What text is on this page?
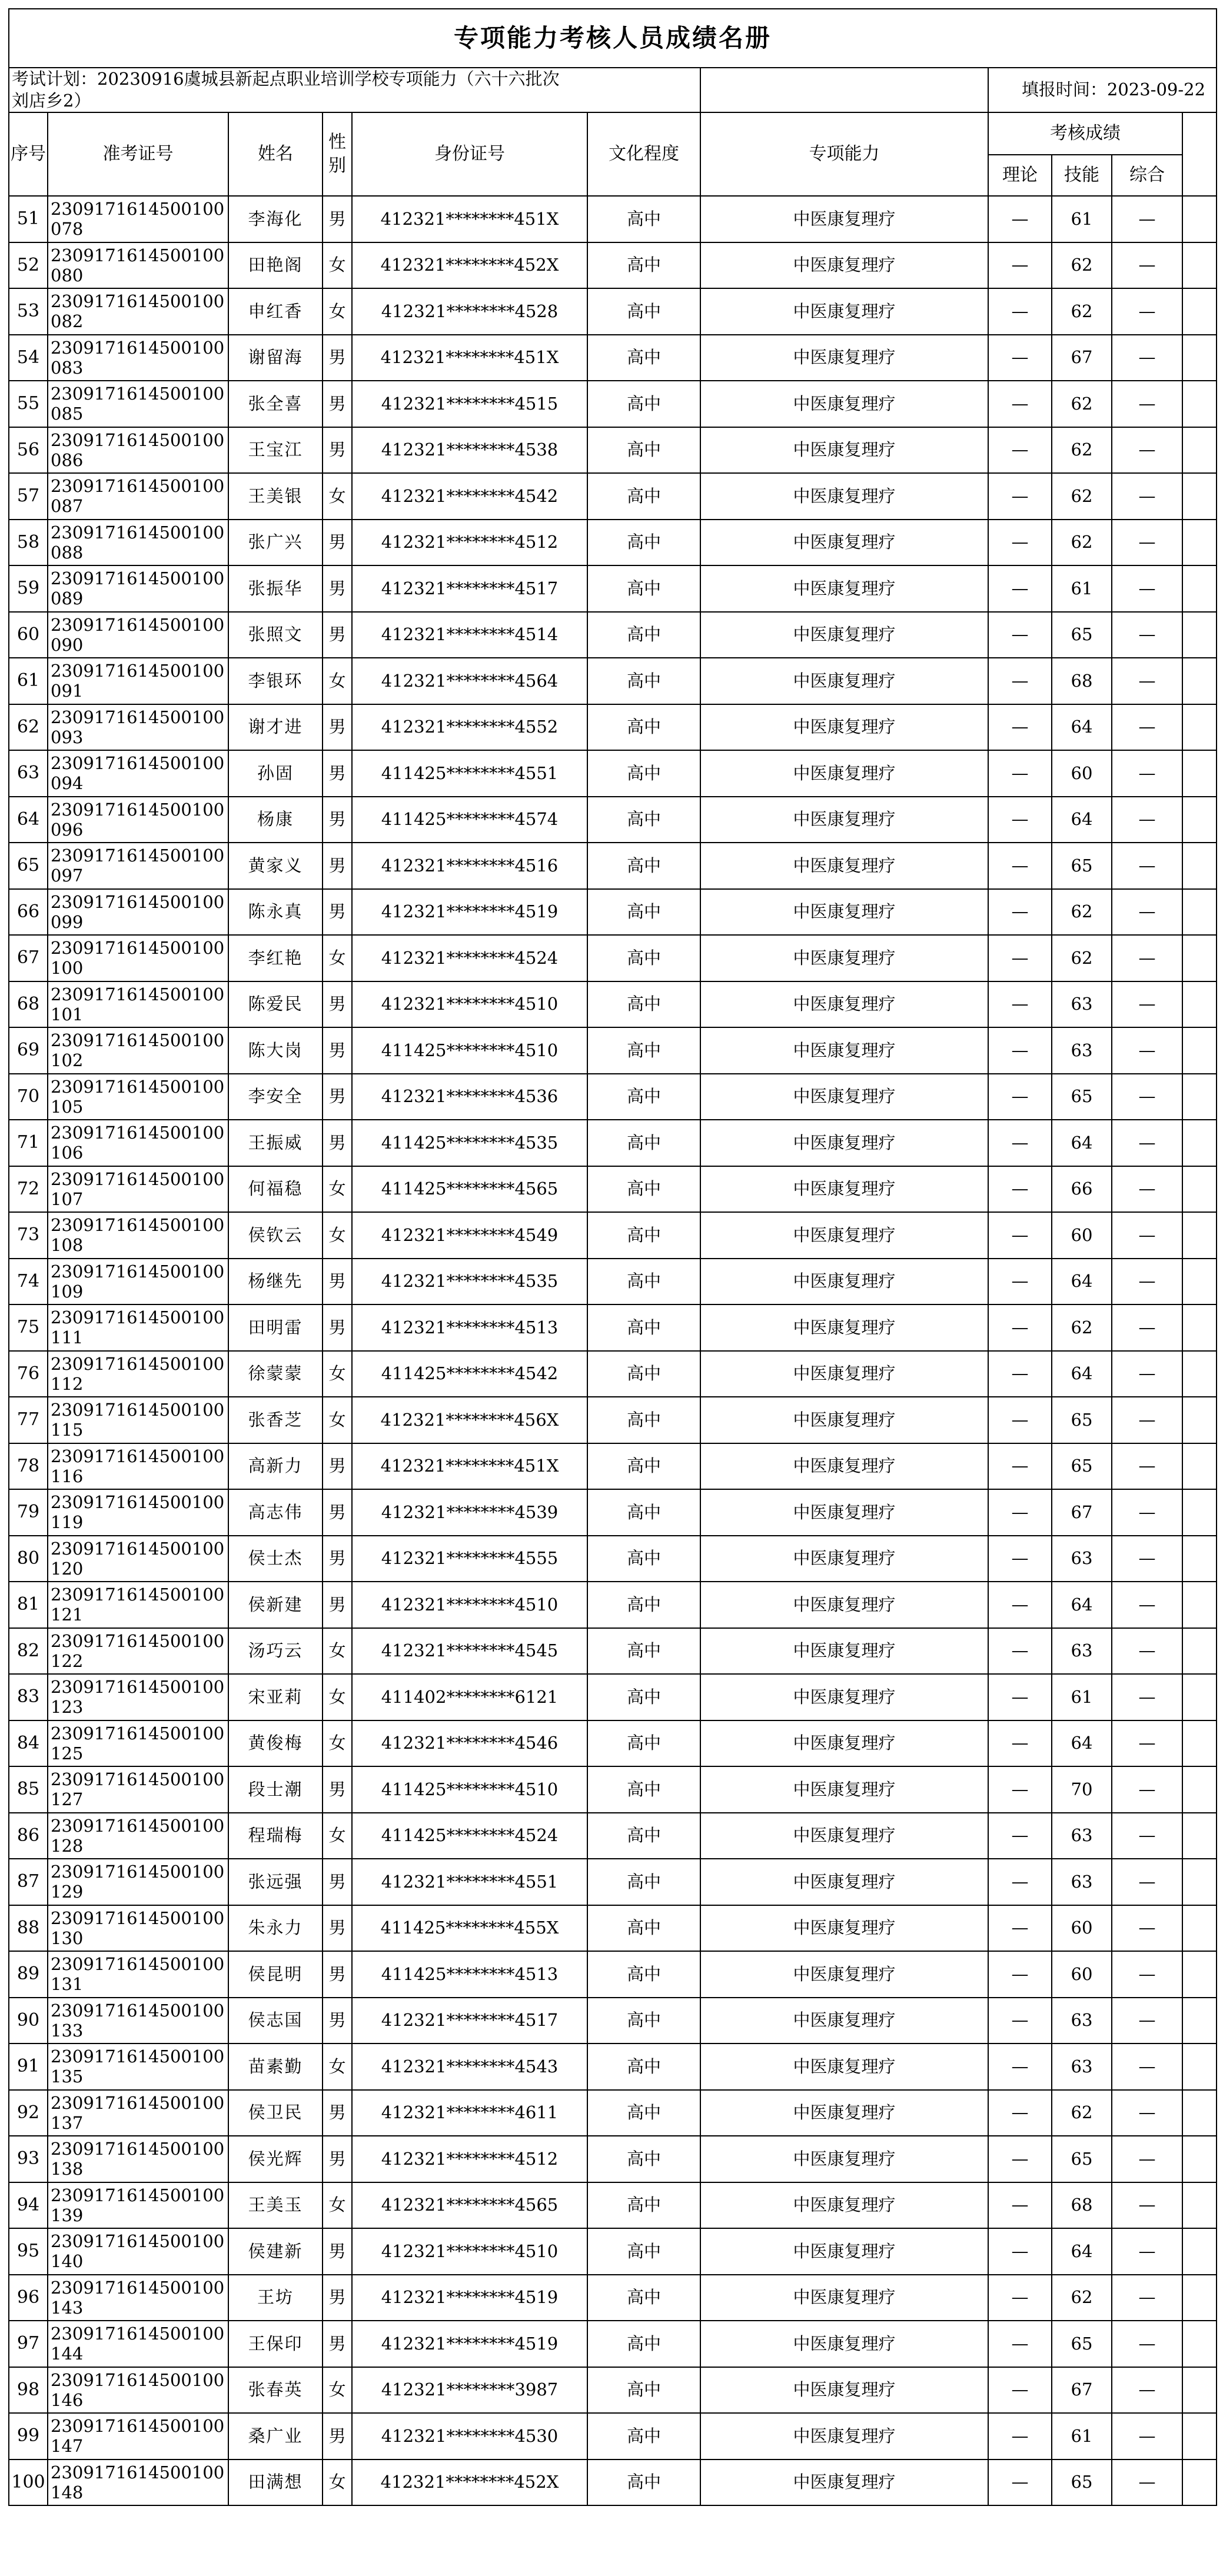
专项能力考核人员成绩名册										
考试计划：20230916虞城县新起点职业培训学校专项能力（六十六批次
刘店乡2）							填报时间：2023-09-22			
序号	准考证号	姓名	性别	身份证号	文化程度	专项能力	考核成绩			
							理论	技能	综合	
51	2309171614500100078	李海化	男	412321********451X	高中	中医康复理疗	—	61	—	
52	2309171614500100080	田艳阁	女	412321********452X	高中	中医康复理疗	—	62	—	
53	2309171614500100082	申红香	女	412321********4528	高中	中医康复理疗	—	62	—	
54	2309171614500100083	谢留海	男	412321********451X	高中	中医康复理疗	—	67	—	
55	2309171614500100085	张全喜	男	412321********4515	高中	中医康复理疗	—	62	—	
56	2309171614500100086	王宝江	男	412321********4538	高中	中医康复理疗	—	62	—	
57	2309171614500100087	王美银	女	412321********4542	高中	中医康复理疗	—	62	—	
58	2309171614500100088	张广兴	男	412321********4512	高中	中医康复理疗	—	62	—	
59	2309171614500100089	张振华	男	412321********4517	高中	中医康复理疗	—	61	—	
60	2309171614500100090	张照文	男	412321********4514	高中	中医康复理疗	—	65	—	
61	2309171614500100091	李银环	女	412321********4564	高中	中医康复理疗	—	68	—	
62	2309171614500100093	谢才进	男	412321********4552	高中	中医康复理疗	—	64	—	
63	2309171614500100094	孙固	男	411425********4551	高中	中医康复理疗	—	60	—	
64	2309171614500100096	杨康	男	411425********4574	高中	中医康复理疗	—	64	—	
65	2309171614500100097	黄家义	男	412321********4516	高中	中医康复理疗	—	65	—	
66	2309171614500100099	陈永真	男	412321********4519	高中	中医康复理疗	—	62	—	
67	2309171614500100100	李红艳	女	412321********4524	高中	中医康复理疗	—	62	—	
68	2309171614500100101	陈爱民	男	412321********4510	高中	中医康复理疗	—	63	—	
69	2309171614500100102	陈大岗	男	411425********4510	高中	中医康复理疗	—	63	—	
70	2309171614500100105	李安全	男	412321********4536	高中	中医康复理疗	—	65	—	
71	2309171614500100106	王振威	男	411425********4535	高中	中医康复理疗	—	64	—	
72	2309171614500100107	何福稳	女	411425********4565	高中	中医康复理疗	—	66	—	
73	2309171614500100108	侯钦云	女	412321********4549	高中	中医康复理疗	—	60	—	
74	2309171614500100109	杨继先	男	412321********4535	高中	中医康复理疗	—	64	—	
75	2309171614500100111	田明雷	男	412321********4513	高中	中医康复理疗	—	62	—	
76	2309171614500100112	徐蒙蒙	女	411425********4542	高中	中医康复理疗	—	64	—	
77	2309171614500100115	张香芝	女	412321********456X	高中	中医康复理疗	—	65	—	
78	2309171614500100116	高新力	男	412321********451X	高中	中医康复理疗	—	65	—	
79	2309171614500100119	高志伟	男	412321********4539	高中	中医康复理疗	—	67	—	
80	2309171614500100120	侯士杰	男	412321********4555	高中	中医康复理疗	—	63	—	
81	2309171614500100121	侯新建	男	412321********4510	高中	中医康复理疗	—	64	—	
82	2309171614500100122	汤巧云	女	412321********4545	高中	中医康复理疗	—	63	—	
83	2309171614500100123	宋亚莉	女	411402********6121	高中	中医康复理疗	—	61	—	
84	2309171614500100125	黄俊梅	女	412321********4546	高中	中医康复理疗	—	64	—	
85	2309171614500100127	段士潮	男	411425********4510	高中	中医康复理疗	—	70	—	
86	2309171614500100128	程瑞梅	女	411425********4524	高中	中医康复理疗	—	63	—	
87	2309171614500100129	张远强	男	412321********4551	高中	中医康复理疗	—	63	—	
88	2309171614500100130	朱永力	男	411425********455X	高中	中医康复理疗	—	60	—	
89	2309171614500100131	侯昆明	男	411425********4513	高中	中医康复理疗	—	60	—	
90	2309171614500100133	侯志国	男	412321********4517	高中	中医康复理疗	—	63	—	
91	2309171614500100135	苗素勤	女	412321********4543	高中	中医康复理疗	—	63	—	
92	2309171614500100137	侯卫民	男	412321********4611	高中	中医康复理疗	—	62	—	
93	2309171614500100138	侯光辉	男	412321********4512	高中	中医康复理疗	—	65	—	
94	2309171614500100139	王美玉	女	412321********4565	高中	中医康复理疗	—	68	—	
95	2309171614500100140	侯建新	男	412321********4510	高中	中医康复理疗	—	64	—	
96	2309171614500100143	王坊	男	412321********4519	高中	中医康复理疗	—	62	—	
97	2309171614500100144	王保印	男	412321********4519	高中	中医康复理疗	—	65	—	
98	2309171614500100146	张春英	女	412321********3987	高中	中医康复理疗	—	67	—	
99	2309171614500100147	桑广业	男	412321********4530	高中	中医康复理疗	—	61	—	
100	2309171614500100148	田满想	女	412321********452X	高中	中医康复理疗	—	65	—	
